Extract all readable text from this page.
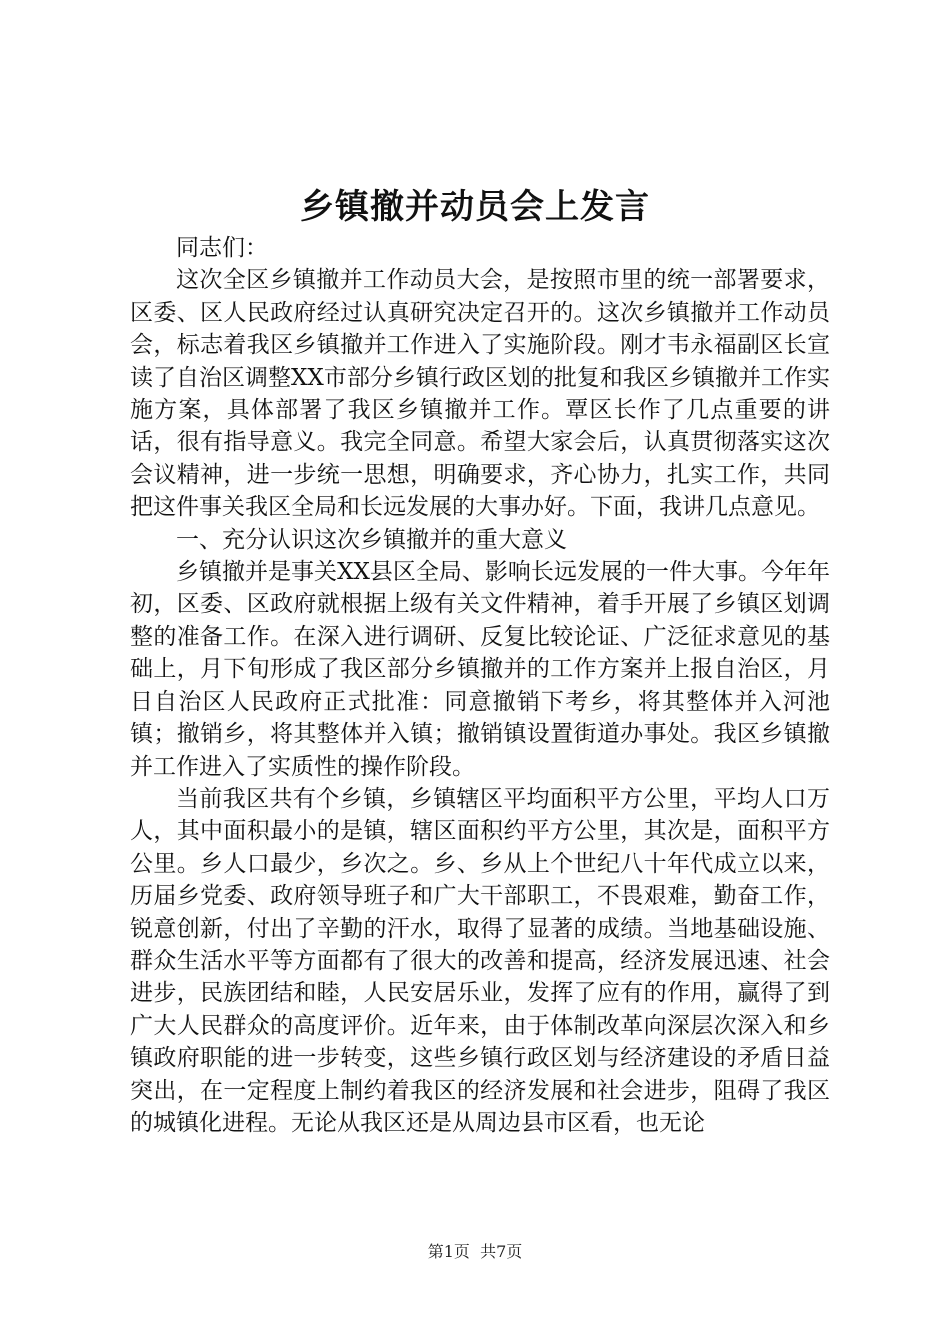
乡镇撤并动员会上发言

同志们：

这次全区乡镇撤并工作动员大会，是按照市里的统一部署要求，区委、区人民政府经过认真研究决定召开的。这次乡镇撤并工作动员会，标志着我区乡镇撤并工作进入了实施阶段。刚才韦永福副区长宣读了自治区调整XX市部分乡镇行政区划的批复和我区乡镇撤并工作实施方案，具体部署了我区乡镇撤并工作。覃区长作了几点重要的讲话，很有指导意义。我完全同意。希望大家会后，认真贯彻落实这次会议精神，进一步统一思想，明确要求，齐心协力，扎实工作，共同把这件事关我区全局和长远发展的大事办好。下面，我讲几点意见。

一、充分认识这次乡镇撤并的重大意义

乡镇撤并是事关XX县区全局、影响长远发展的一件大事。今年年初，区委、区政府就根据上级有关文件精神，着手开展了乡镇区划调整的准备工作。在深入进行调研、反复比较论证、广泛征求意见的基础上，月下旬形成了我区部分乡镇撤并的工作方案并上报自治区，月日自治区人民政府正式批准：同意撤销下考乡，将其整体并入河池镇；撤销乡，将其整体并入镇；撤销镇设置街道办事处。我区乡镇撤并工作进入了实质性的操作阶段。

当前我区共有个乡镇，乡镇辖区平均面积平方公里，平均人口万人，其中面积最小的是镇，辖区面积约平方公里，其次是，面积平方公里。乡人口最少，乡次之。乡、乡从上个世纪八十年代成立以来，历届乡党委、政府领导班子和广大干部职工，不畏艰难，勤奋工作，锐意创新，付出了辛勤的汗水，取得了显著的成绩。当地基础设施、群众生活水平等方面都有了很大的改善和提高，经济发展迅速、社会进步，民族团结和睦，人民安居乐业，发挥了应有的作用，赢得了到广大人民群众的高度评价。近年来，由于体制改革向深层次深入和乡镇政府职能的进一步转变，这些乡镇行政区划与经济建设的矛盾日益突出，在一定程度上制约着我区的经济发展和社会进步，阻碍了我区的城镇化进程。无论从我区还是从周边县市区看，也无论

第1页 共7页
